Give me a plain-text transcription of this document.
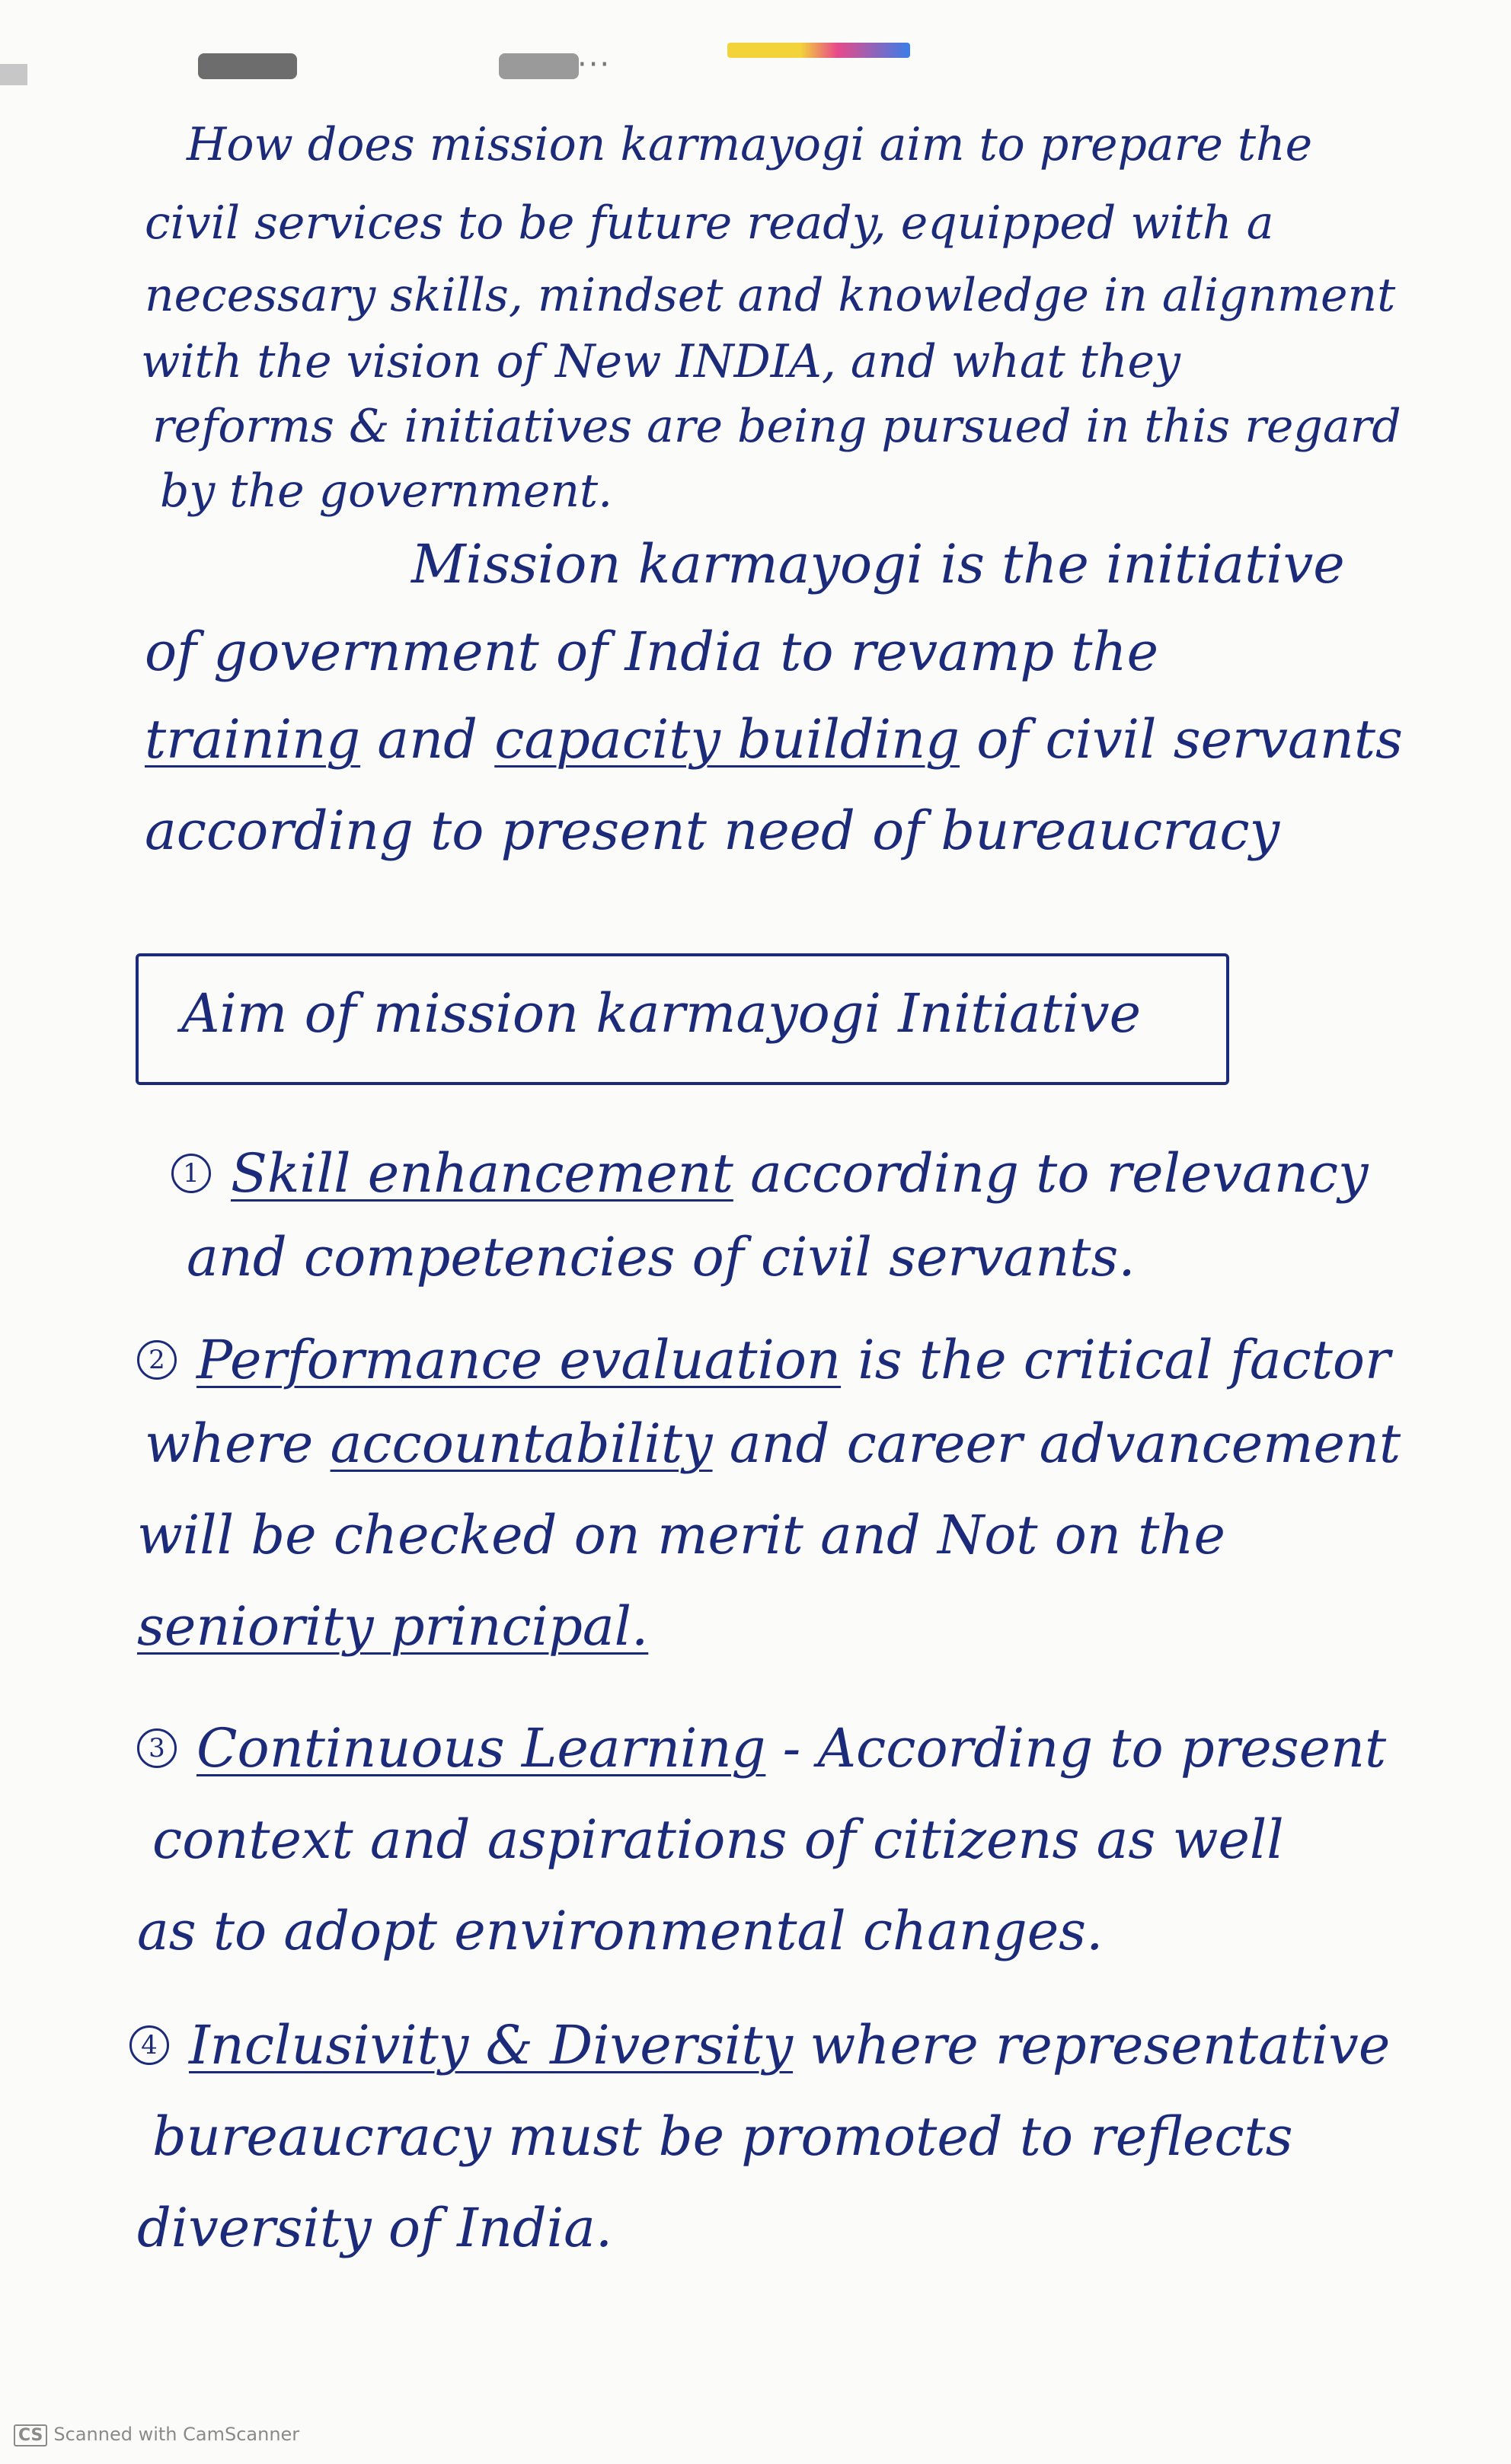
···
How does mission karmayogi aim to prepare the
civil services to be future ready, equipped with a
necessary skills, mindset and knowledge in alignment
with the vision of New INDIA, and what they
reforms & initiatives are being pursued in this regard
by the government.
Mission karmayogi is the initiative
of government of India to revamp the
training and capacity building of civil servants
according to present need of bureaucracy
Aim of mission karmayogi Initiative
1 Skill enhancement according to relevancy
and competencies of civil servants.
2 Performance evaluation is the critical factor
where accountability and career advancement
will be checked on merit and Not on the
seniority principal.
3 Continuous Learning - According to present
context and aspirations of citizens as well
as to adopt environmental changes.
4 Inclusivity & Diversity where representative
bureaucracy must be promoted to reflects
diversity of India.
CS Scanned with CamScanner
